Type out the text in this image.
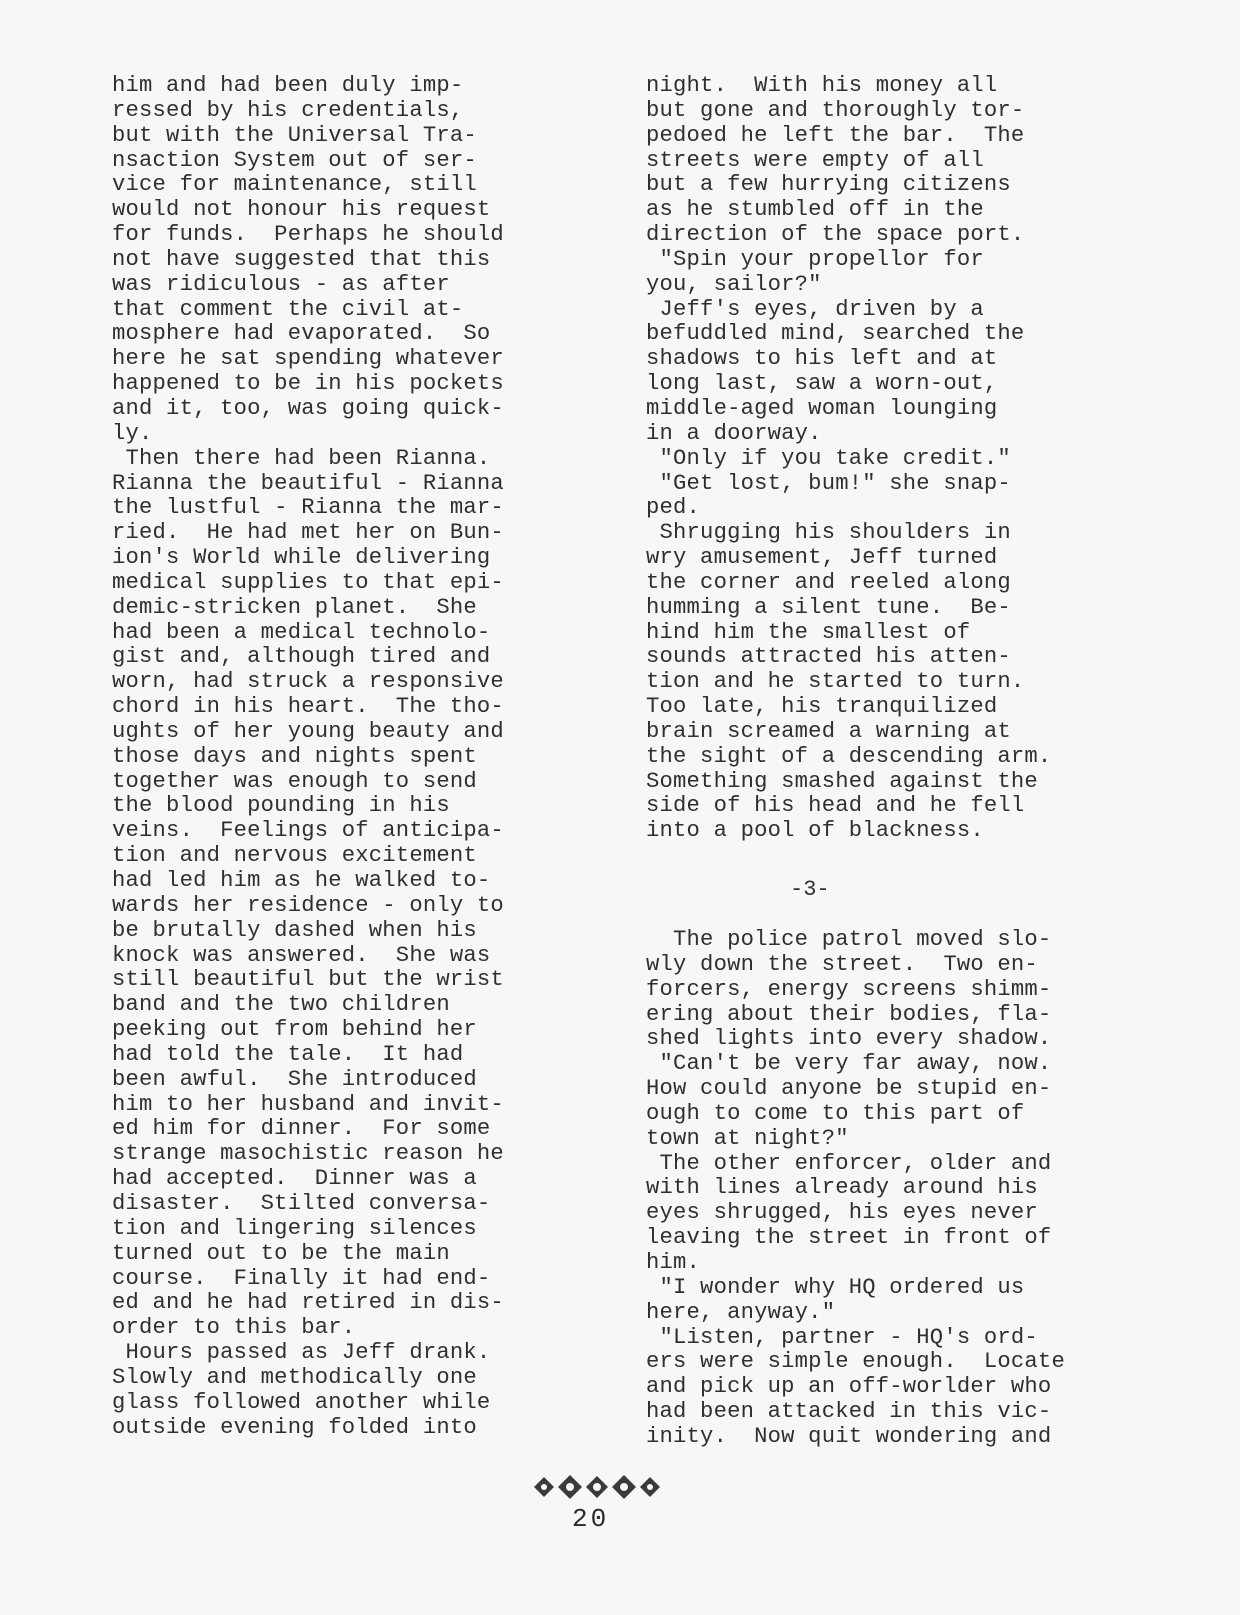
him and had been duly imp-
ressed by his credentials,
but with the Universal Tra-
nsaction System out of ser-
vice for maintenance, still
would not honour his request
for funds.  Perhaps he should
not have suggested that this
was ridiculous - as after
that comment the civil at-
mosphere had evaporated.  So
here he sat spending whatever
happened to be in his pockets
and it, too, was going quick-
ly.
Then there had been Rianna.
Rianna the beautiful - Rianna
the lustful - Rianna the mar-
ried.  He had met her on Bun-
ion's World while delivering
medical supplies to that epi-
demic-stricken planet.  She
had been a medical technolo-
gist and, although tired and
worn, had struck a responsive
chord in his heart.  The tho-
ughts of her young beauty and
those days and nights spent
together was enough to send
the blood pounding in his
veins.  Feelings of anticipa-
tion and nervous excitement
had led him as he walked to-
wards her residence - only to
be brutally dashed when his
knock was answered.  She was
still beautiful but the wrist
band and the two children
peeking out from behind her
had told the tale.  It had
been awful.  She introduced
him to her husband and invit-
ed him for dinner.  For some
strange masochistic reason he
had accepted.  Dinner was a
disaster.  Stilted conversa-
tion and lingering silences
turned out to be the main
course.  Finally it had end-
ed and he had retired in dis-
order to this bar.
Hours passed as Jeff drank.
Slowly and methodically one
glass followed another while
outside evening folded into
night.  With his money all
but gone and thoroughly tor-
pedoed he left the bar.  The
streets were empty of all
but a few hurrying citizens
as he stumbled off in the
direction of the space port.
"Spin your propellor for
you, sailor?"
Jeff's eyes, driven by a
befuddled mind, searched the
shadows to his left and at
long last, saw a worn-out,
middle-aged woman lounging
in a doorway.
"Only if you take credit."
"Get lost, bum!" she snap-
ped.
Shrugging his shoulders in
wry amusement, Jeff turned
the corner and reeled along
humming a silent tune.  Be-
hind him the smallest of
sounds attracted his atten-
tion and he started to turn.
Too late, his tranquilized
brain screamed a warning at
the sight of a descending arm.
Something smashed against the
side of his head and he fell
into a pool of blackness.
-3-
The police patrol moved slo-
wly down the street.  Two en-
forcers, energy screens shimm-
ering about their bodies, fla-
shed lights into every shadow.
"Can't be very far away, now.
How could anyone be stupid en-
ough to come to this part of
town at night?"
The other enforcer, older and
with lines already around his
eyes shrugged, his eyes never
leaving the street in front of
him.
"I wonder why HQ ordered us
here, anyway."
"Listen, partner - HQ's ord-
ers were simple enough.  Locate
and pick up an off-worlder who
had been attacked in this vic-
inity.  Now quit wondering and
20
